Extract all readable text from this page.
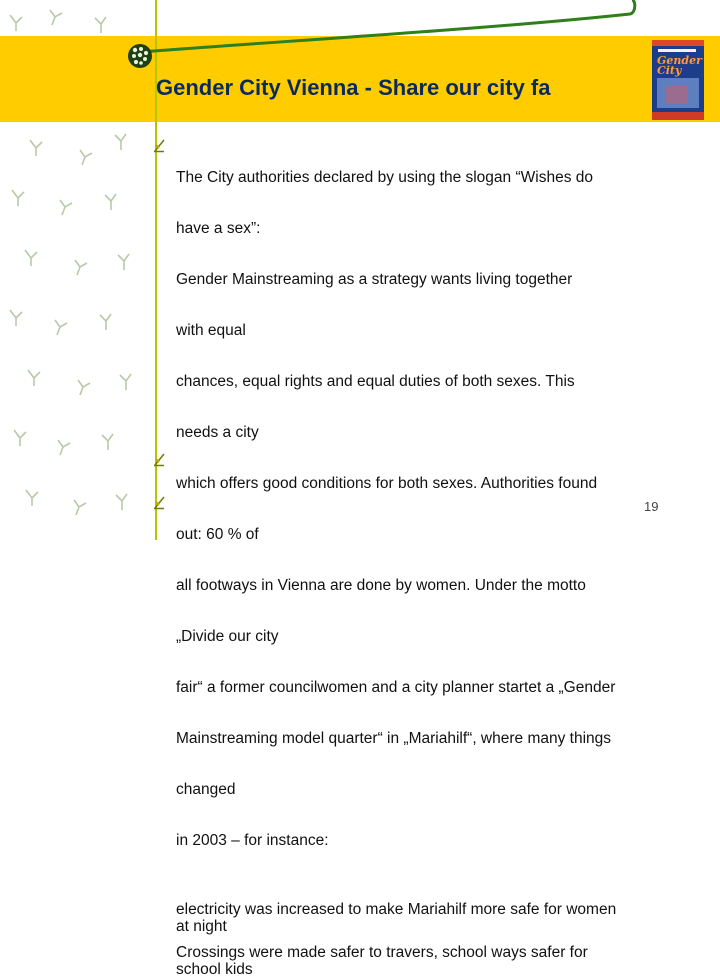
Gender City Vienna - Share our city fa
Gender
City

The City authorities declared by using the slogan “Wishes do

have a sex”:

Gender Mainstreaming as a strategy wants living together

with equal

chances, equal rights and equal duties of both sexes. This

needs a city

which offers good conditions for both sexes. Authorities found

out: 60 % of

all footways in Vienna are done by women. Under the motto

„Divide our city

fair“ a former councilwomen and a city planner startet a „Gender

Mainstreaming model quarter“ in „Mariahilf“, where many things

changed

in 2003 – for instance:

electricity was increased to make Mariahilf more safe for women
at night
Crossings were made safer to travers, school ways safer for
school kids
19
